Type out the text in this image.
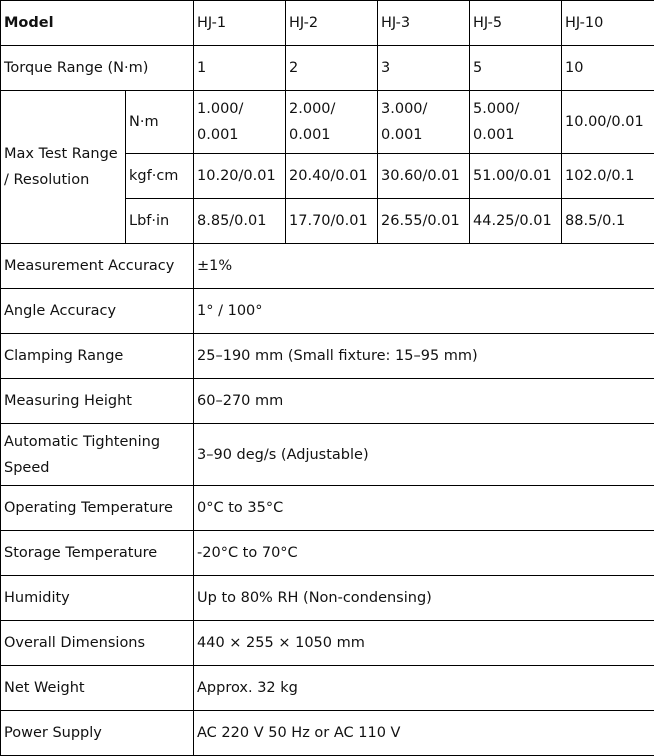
Model		HJ-1	HJ-2	HJ-3	HJ-5	HJ-10
Torque Range (N·m)		1	2	3	5	10
Max Test Range / Resolution	N·m	1.000/ 0.001	2.000/ 0.001	3.000/ 0.001	5.000/ 0.001	10.00/0.01
	kgf·cm	10.20/0.01	20.40/0.01	30.60/0.01	51.00/0.01	102.0/0.1
	Lbf·in	8.85/0.01	17.70/0.01	26.55/0.01	44.25/0.01	88.5/0.1
Measurement Accuracy		±1%				
Angle Accuracy		1° / 100°				
Clamping Range		25–190 mm (Small fixture: 15–95 mm)				
Measuring Height		60–270 mm				
Automatic Tightening Speed		3–90 deg/s (Adjustable)				
Operating Temperature		0°C to 35°C				
Storage Temperature		-20°C to 70°C				
Humidity		Up to 80% RH (Non-condensing)				
Overall Dimensions		440 × 255 × 1050 mm				
Net Weight		Approx. 32 kg				
Power Supply		AC 220 V 50 Hz or AC 110 V				
